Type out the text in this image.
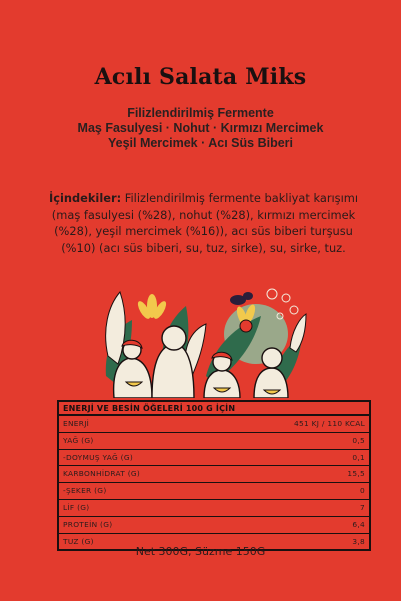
Acılı Salata Miks
Filizlendirilmiş Fermente
Maş Fasulyesi · Nohut · Kırmızı Mercimek
Yeşil Mercimek · Acı Süs Biberi
İçindekiler: Filizlendirilmiş fermente bakliyat karışımı (maş fasulyesi (%28), nohut (%28), kırmızı mercimek (%28), yeşil mercimek (%16)), acı süs biberi turşusu (%10) (acı süs biberi, su, tuz, sirke), su, sirke, tuz.
ENERJİ VE BESİN ÖĞELERİ 100 G İÇİN
ENERJİ	451 KJ / 110 KCAL
YAĞ (G)	0,5
-DOYMUŞ YAĞ (G)	0,1
KARBONHİDRAT (G)	15,5
-ŞEKER (G)	0
LİF (G)	7
PROTEİN (G)	6,4
TUZ (G)	3,8
Net 300G, Süzme 150G
